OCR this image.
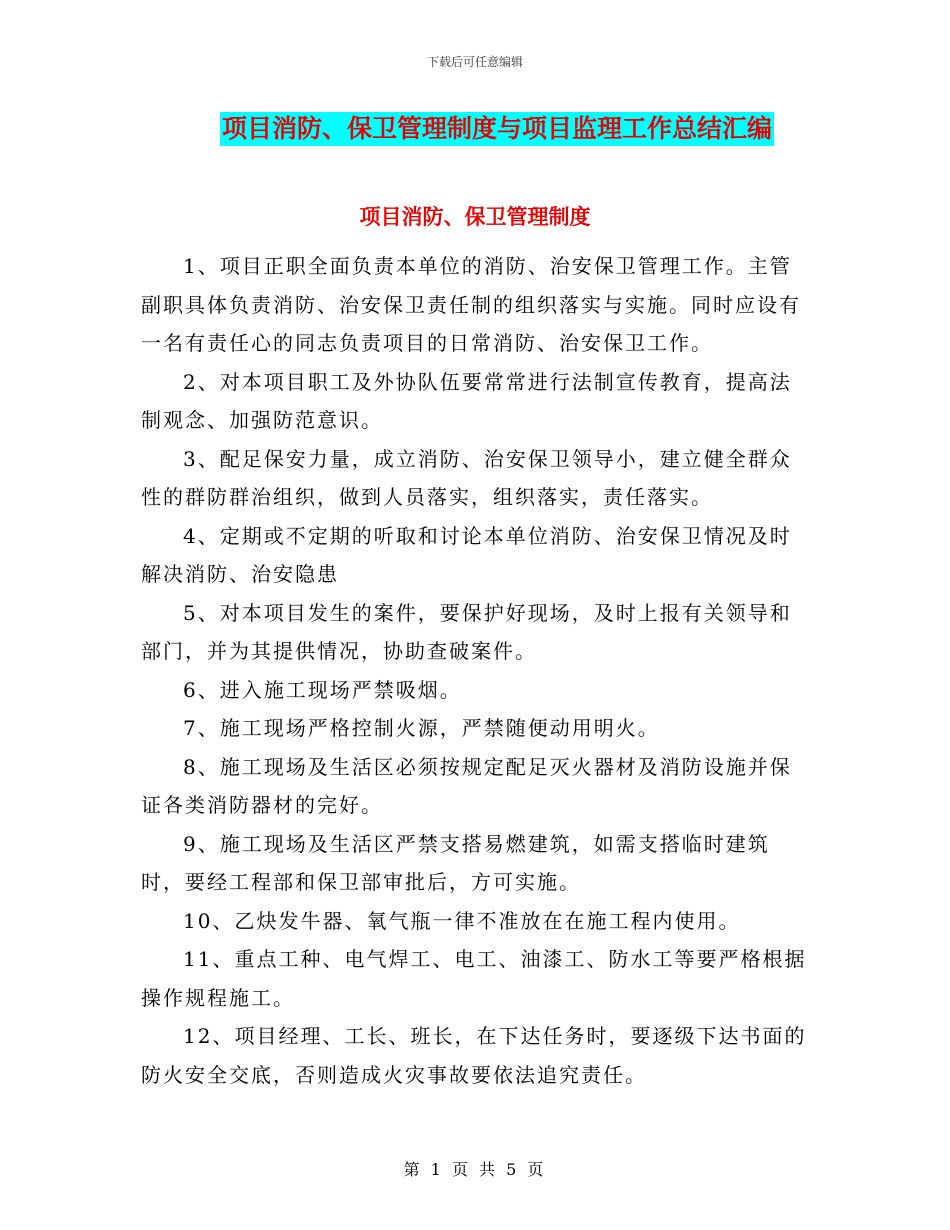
下载后可任意编辑
项目消防、保卫管理制度与项目监理工作总结汇编
项目消防、保卫管理制度

1、项目正职全面负责本单位的消防、治安保卫管理工作。主管副职具体负责消防、治安保卫责任制的组织落实与实施。同时应设有一名有责任心的同志负责项目的日常消防、治安保卫工作。

2、对本项目职工及外协队伍要常常进行法制宣传教育，提高法制观念、加强防范意识。

3、配足保安力量，成立消防、治安保卫领导小，建立健全群众性的群防群治组织，做到人员落实，组织落实，责任落实。

4、定期或不定期的听取和讨论本单位消防、治安保卫情况及时解决消防、治安隐患

5、对本项目发生的案件，要保护好现场，及时上报有关领导和部门，并为其提供情况，协助查破案件。

6、进入施工现场严禁吸烟。

7、施工现场严格控制火源，严禁随便动用明火。

8、施工现场及生活区必须按规定配足灭火器材及消防设施并保证各类消防器材的完好。

9、施工现场及生活区严禁支搭易燃建筑，如需支搭临时建筑时，要经工程部和保卫部审批后，方可实施。

10、乙炔发牛器、氧气瓶一律不准放在在施工程内使用。

11、重点工种、电气焊工、电工、油漆工、防水工等要严格根据操作规程施工。

12、项目经理、工长、班长，在下达任务时，要逐级下达书面的防火安全交底，否则造成火灾事故要依法追究责任。

第 1 页 共 5 页
